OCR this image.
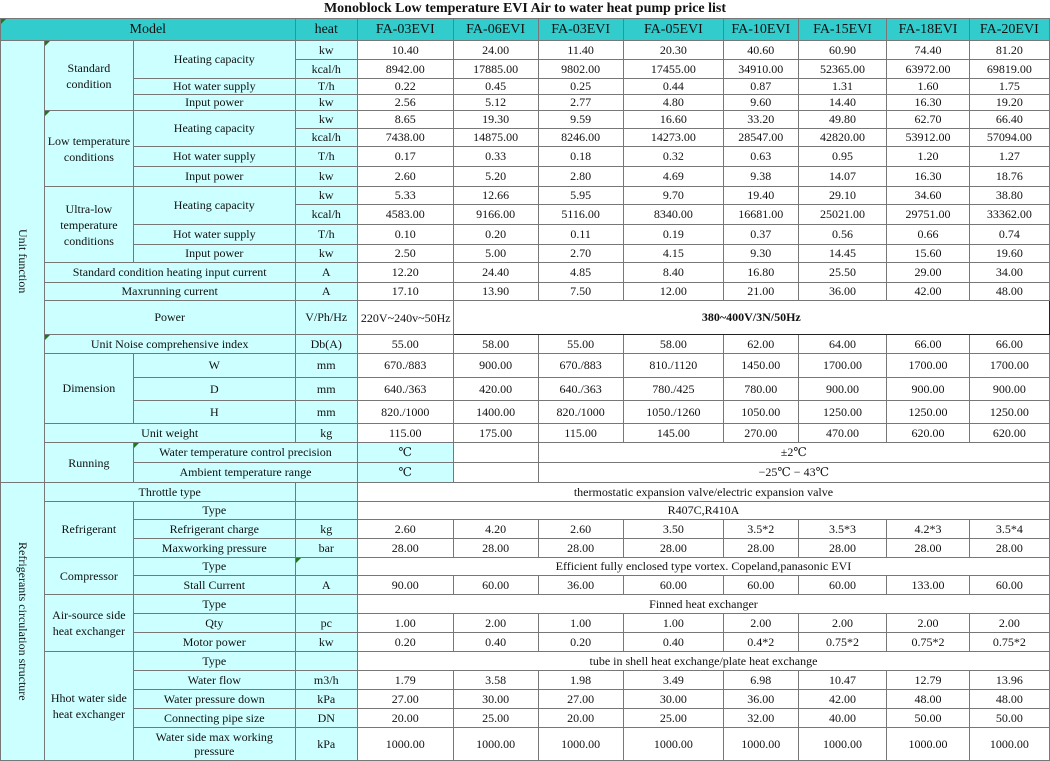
Monoblock Low temperature EVI Air to water heat pump price list
Model			heat	FA-03EVI	FA-06EVI	FA-03EVI	FA-05EVI	FA-10EVI	FA-15EVI	FA-18EVI	FA-20EVI
Unit function	Standard condition	Heating capacity	kw	10.40	24.00	11.40	20.30	40.60	60.90	74.40	81.20
			kcal/h	8942.00	17885.00	9802.00	17455.00	34910.00	52365.00	63972.00	69819.00
		Hot water supply	T/h	0.22	0.45	0.25	0.44	0.87	1.31	1.60	1.75
		Input power	kw	2.56	5.12	2.77	4.80	9.60	14.40	16.30	19.20
	Low temperature conditions	Heating capacity	kw	8.65	19.30	9.59	16.60	33.20	49.80	62.70	66.40
			kcal/h	7438.00	14875.00	8246.00	14273.00	28547.00	42820.00	53912.00	57094.00
		Hot water supply	T/h	0.17	0.33	0.18	0.32	0.63	0.95	1.20	1.27
		Input power	kw	2.60	5.20	2.80	4.69	9.38	14.07	16.30	18.76
	Ultra-low temperature conditions	Heating capacity	kw	5.33	12.66	5.95	9.70	19.40	29.10	34.60	38.80
			kcal/h	4583.00	9166.00	5116.00	8340.00	16681.00	25021.00	29751.00	33362.00
		Hot water supply	T/h	0.10	0.20	0.11	0.19	0.37	0.56	0.66	0.74
		Input power	kw	2.50	5.00	2.70	4.15	9.30	14.45	15.60	19.60
	Standard condition heating input current		A	12.20	24.40	4.85	8.40	16.80	25.50	29.00	34.00
	Maxrunning current		A	17.10	13.90	7.50	12.00	21.00	36.00	42.00	48.00
	Power		V/Ph/Hz	220V~240v~50Hz	380~400V/3N/50Hz						
	Unit Noise comprehensive index		Db(A)	55.00	58.00	55.00	58.00	62.00	64.00	66.00	66.00
	Dimension	W	mm	670./883	900.00	670./883	810./1120	1450.00	1700.00	1700.00	1700.00
		D	mm	640./363	420.00	640./363	780./425	780.00	900.00	900.00	900.00
		H	mm	820./1000	1400.00	820./1000	1050./1260	1050.00	1250.00	1250.00	1250.00
	Unit weight		kg	115.00	175.00	115.00	145.00	270.00	470.00	620.00	620.00
	Running	Water temperature control precision		℃		±2℃					
		Ambient temperature range		℃		−25℃ − 43℃					
Refrigerants circulation structure	Throttle type			thermostatic expansion valve/electric expansion valve							
	Refrigerant	Type		R407C,R410A							
		Refrigerant charge	kg	2.60	4.20	2.60	3.50	3.5*2	3.5*3	4.2*3	3.5*4
		Maxworking pressure	bar	28.00	28.00	28.00	28.00	28.00	28.00	28.00	28.00
	Compressor	Type		Efficient fully enclosed type vortex. Copeland,panasonic EVI							
		Stall Current	A	90.00	60.00	36.00	60.00	60.00	60.00	133.00	60.00
	Air-source side heat exchanger	Type		Finned heat exchanger							
		Qty	pc	1.00	2.00	1.00	1.00	2.00	2.00	2.00	2.00
		Motor power	kw	0.20	0.40	0.20	0.40	0.4*2	0.75*2	0.75*2	0.75*2
	Hhot water side heat exchanger	Type		tube in shell heat exchange/plate heat exchange							
		Water flow	m3/h	1.79	3.58	1.98	3.49	6.98	10.47	12.79	13.96
		Water pressure down	kPa	27.00	30.00	27.00	30.00	36.00	42.00	48.00	48.00
		Connecting pipe size	DN	20.00	25.00	20.00	25.00	32.00	40.00	50.00	50.00
		Water side max working pressure	kPa	1000.00	1000.00	1000.00	1000.00	1000.00	1000.00	1000.00	1000.00
